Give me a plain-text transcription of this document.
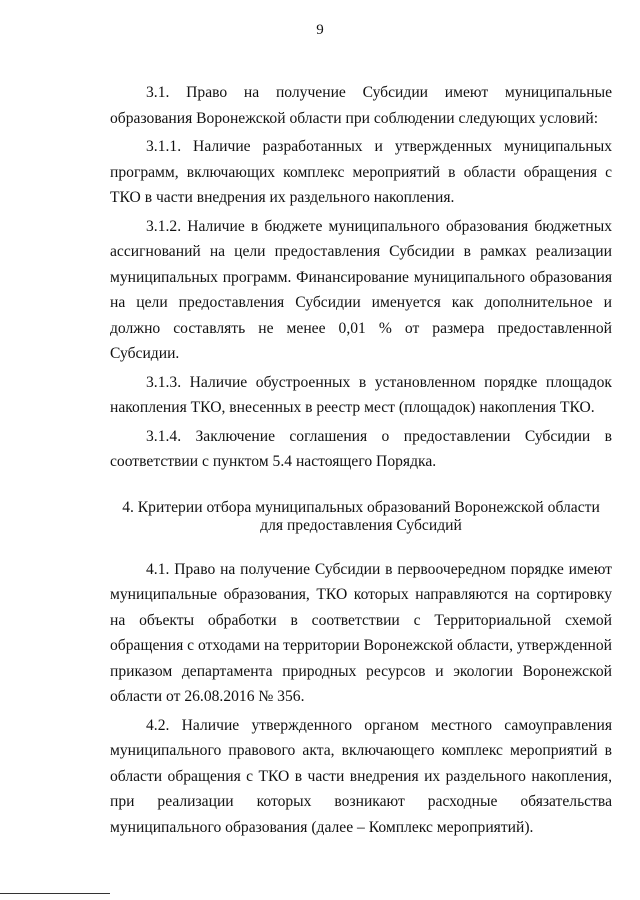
9

3.1. Право на получение Субсидии имеют муниципальные образования Воронежской области при соблюдении следующих условий:

3.1.1. Наличие разработанных и утвержденных муниципальных программ, включающих комплекс мероприятий в области обращения с ТКО в части внедрения их раздельного накопления.

3.1.2. Наличие в бюджете муниципального образования бюджетных ассигнований на цели предоставления Субсидии в рамках реализации муниципальных программ. Финансирование муниципального образования на цели предоставления Субсидии именуется как дополнительное и должно составлять не менее 0,01 % от размера предоставленной Субсидии.

3.1.3. Наличие обустроенных в установленном порядке площадок накопления ТКО, внесенных в реестр мест (площадок) накопления ТКО.

3.1.4. Заключение соглашения о предоставлении Субсидии в соответствии с пунктом 5.4 настоящего Порядка.

4. Критерии отбора муниципальных образований Воронежской области
для предоставления Субсидий

4.1. Право на получение Субсидии в первоочередном порядке имеют муниципальные образования, ТКО которых направляются на сортировку на объекты обработки в соответствии с Территориальной схемой обращения с отходами на территории Воронежской области, утвержденной приказом департамента природных ресурсов и экологии Воронежской области от 26.08.2016 № 356.

4.2. Наличие утвержденного органом местного самоуправления муниципального правового акта, включающего комплекс мероприятий в области обращения с ТКО в части внедрения их раздельного накопления, при реализации которых возникают расходные обязательства муниципального образования (далее – Комплекс мероприятий).
